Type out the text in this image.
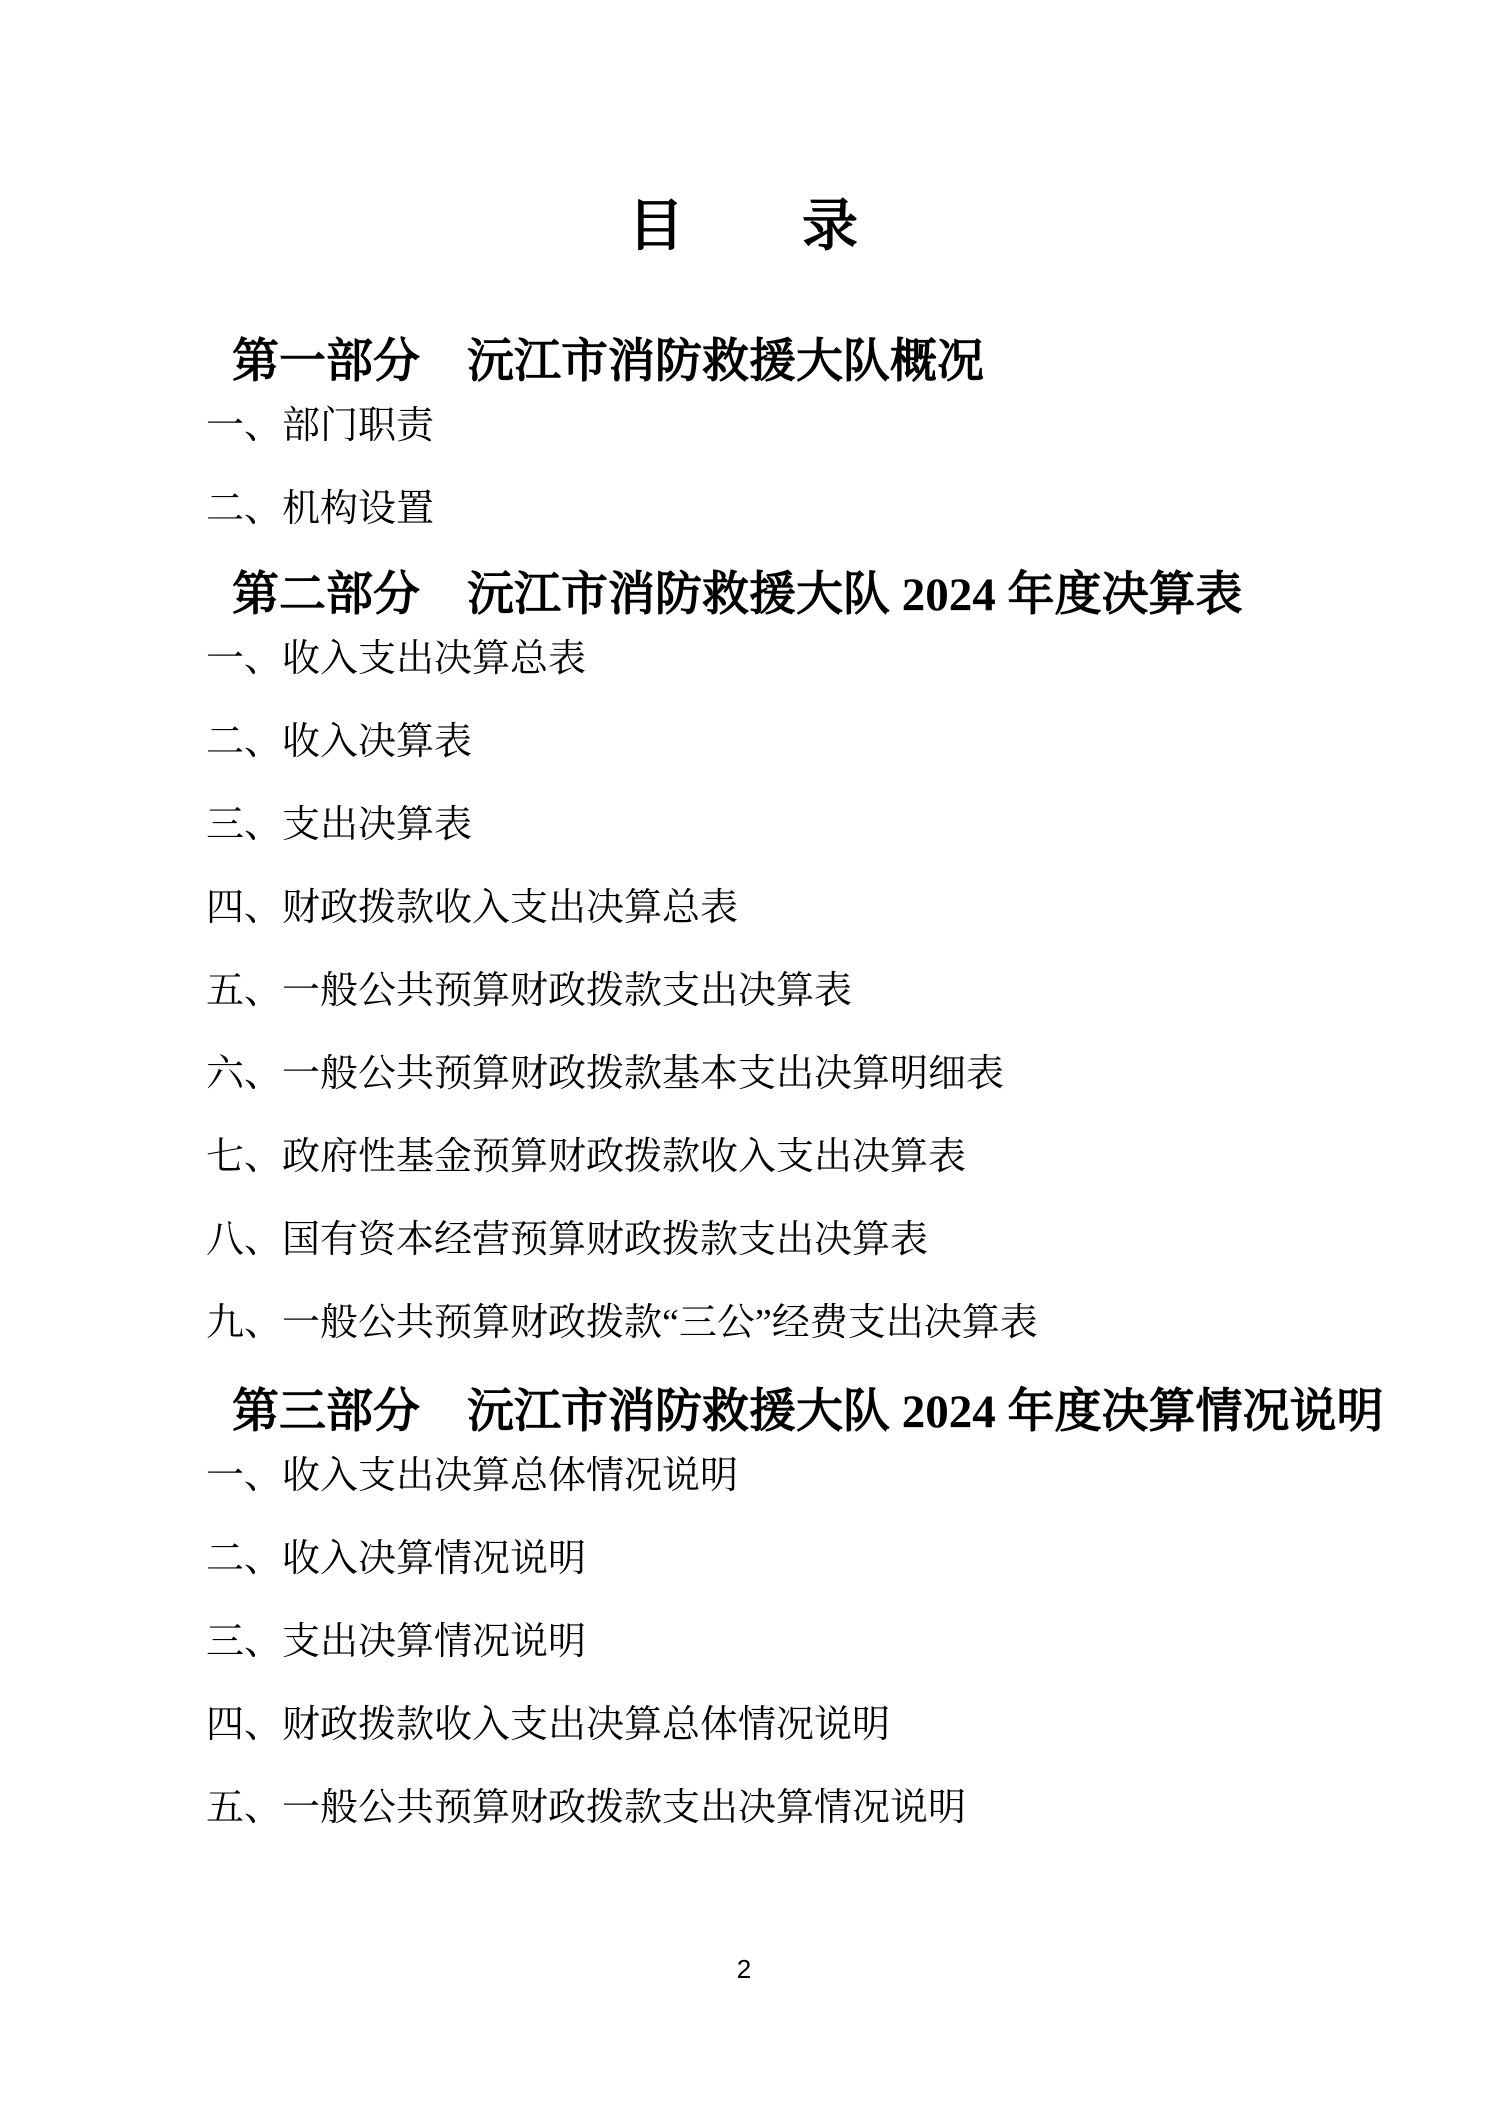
目　　录
第一部分　沅江市消防救援大队概况

一、部门职责

二、机构设置

第二部分　沅江市消防救援大队 2024 年度决算表

一、收入支出决算总表

二、收入决算表

三、支出决算表

四、财政拨款收入支出决算总表

五、一般公共预算财政拨款支出决算表

六、一般公共预算财政拨款基本支出决算明细表

七、政府性基金预算财政拨款收入支出决算表

八、国有资本经营预算财政拨款支出决算表

九、一般公共预算财政拨款“三公”经费支出决算表

第三部分　沅江市消防救援大队 2024 年度决算情况说明

一、收入支出决算总体情况说明

二、收入决算情况说明

三、支出决算情况说明

四、财政拨款收入支出决算总体情况说明

五、一般公共预算财政拨款支出决算情况说明

2
